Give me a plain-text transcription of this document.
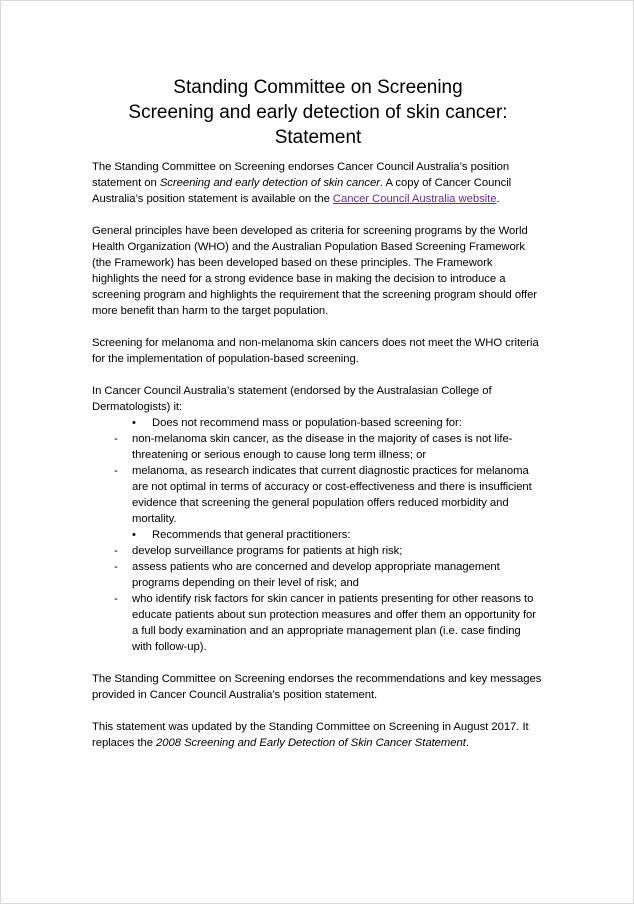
Standing Committee on Screening
Screening and early detection of skin cancer:
Statement

The Standing Committee on Screening endorses Cancer Council Australia’s position statement on Screening and early detection of skin cancer. A copy of Cancer Council Australia’s position statement is available on the Cancer Council Australia website.

General principles have been developed as criteria for screening programs by the World Health Organization (WHO) and the Australian Population Based Screening Framework (the Framework) has been developed based on these principles. The Framework highlights the need for a strong evidence base in making the decision to introduce a screening program and highlights the requirement that the screening program should offer more benefit than harm to the target population.

Screening for melanoma and non-melanoma skin cancers does not meet the WHO criteria for the implementation of population-based screening.

In Cancer Council Australia’s statement (endorsed by the Australasian College of Dermatologists) it:

• Does not recommend mass or population-based screening for:
- non-melanoma skin cancer, as the disease in the majority of cases is not life-threatening or serious enough to cause long term illness; or
- melanoma, as research indicates that current diagnostic practices for melanoma are not optimal in terms of accuracy or cost-effectiveness and there is insufficient evidence that screening the general population offers reduced morbidity and mortality.
• Recommends that general practitioners:
- develop surveillance programs for patients at high risk;
- assess patients who are concerned and develop appropriate management programs depending on their level of risk; and
- who identify risk factors for skin cancer in patients presenting for other reasons to educate patients about sun protection measures and offer them an opportunity for a full body examination and an appropriate management plan (i.e. case finding with follow-up).

The Standing Committee on Screening endorses the recommendations and key messages provided in Cancer Council Australia’s position statement.

This statement was updated by the Standing Committee on Screening in August 2017. It replaces the 2008 Screening and Early Detection of Skin Cancer Statement.
